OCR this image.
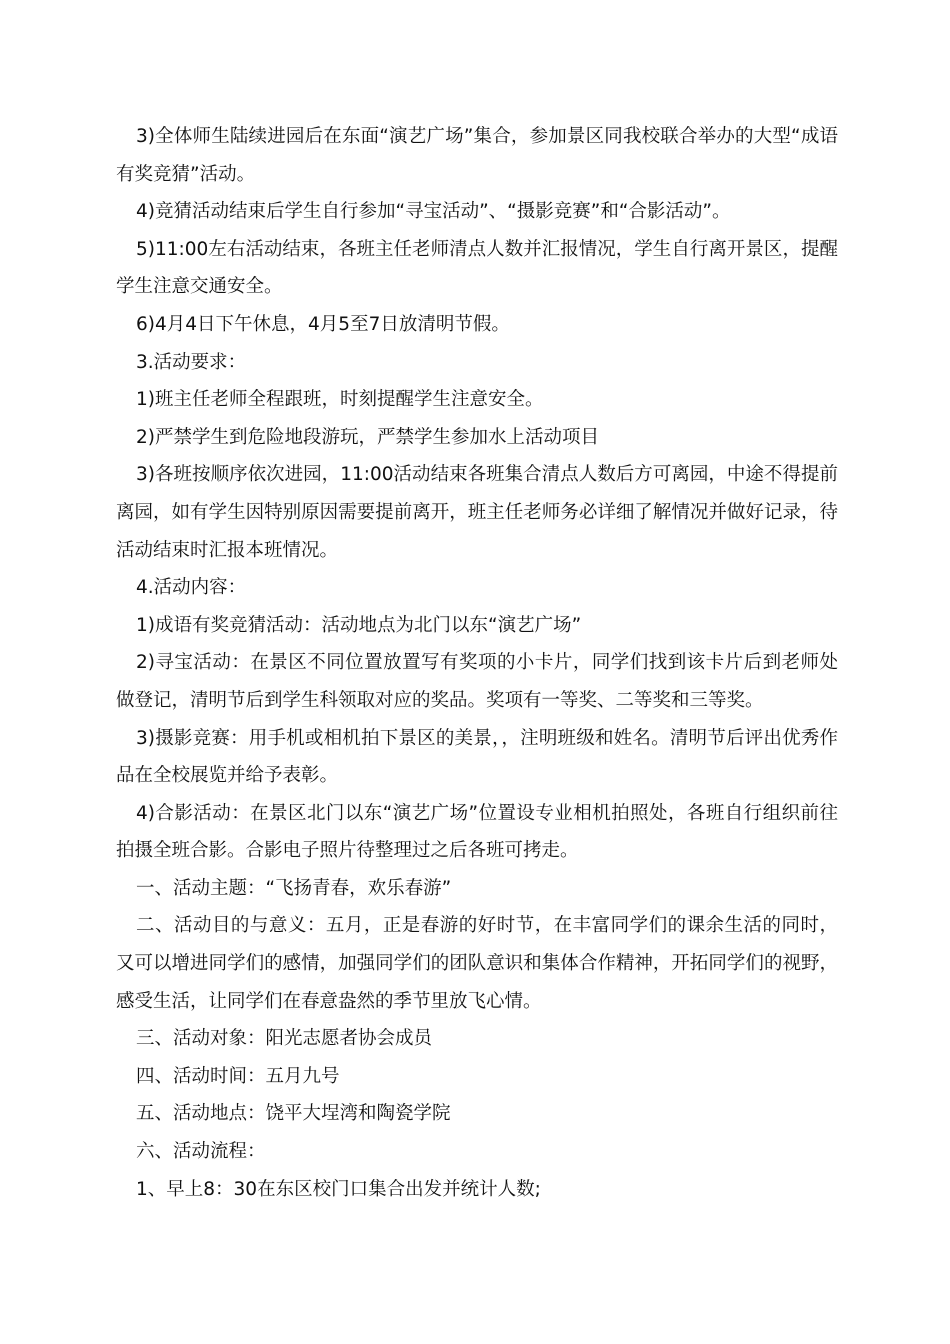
3)全体师生陆续进园后在东面“演艺广场”集合，参加景区同我校联合举办的大型“成语有奖竞猜”活动。

4)竞猜活动结束后学生自行参加“寻宝活动”、“摄影竞赛”和“合影活动”。

5)11:00左右活动结束，各班主任老师清点人数并汇报情况，学生自行离开景区，提醒学生注意交通安全。

6)4月4日下午休息，4月5至7日放清明节假。

3.活动要求：

1)班主任老师全程跟班，时刻提醒学生注意安全。

2)严禁学生到危险地段游玩，严禁学生参加水上活动项目

3)各班按顺序依次进园，11:00活动结束各班集合清点人数后方可离园，中途不得提前离园，如有学生因特别原因需要提前离开，班主任老师务必详细了解情况并做好记录，待活动结束时汇报本班情况。

4.活动内容：

1)成语有奖竞猜活动：活动地点为北门以东“演艺广场”

2)寻宝活动：在景区不同位置放置写有奖项的小卡片，同学们找到该卡片后到老师处做登记，清明节后到学生科领取对应的奖品。奖项有一等奖、二等奖和三等奖。

3)摄影竞赛：用手机或相机拍下景区的美景，，注明班级和姓名。清明节后评出优秀作品在全校展览并给予表彰。

4)合影活动：在景区北门以东“演艺广场”位置设专业相机拍照处，各班自行组织前往拍摄全班合影。合影电子照片待整理过之后各班可拷走。

一、活动主题：“飞扬青春，欢乐春游”

二、活动目的与意义：五月，正是春游的好时节，在丰富同学们的课余生活的同时，又可以增进同学们的感情，加强同学们的团队意识和集体合作精神，开拓同学们的视野，感受生活，让同学们在春意盎然的季节里放飞心情。

三、活动对象：阳光志愿者协会成员

四、活动时间：五月九号

五、活动地点：饶平大埕湾和陶瓷学院

六、活动流程：

1、早上8：30在东区校门口集合出发并统计人数;
